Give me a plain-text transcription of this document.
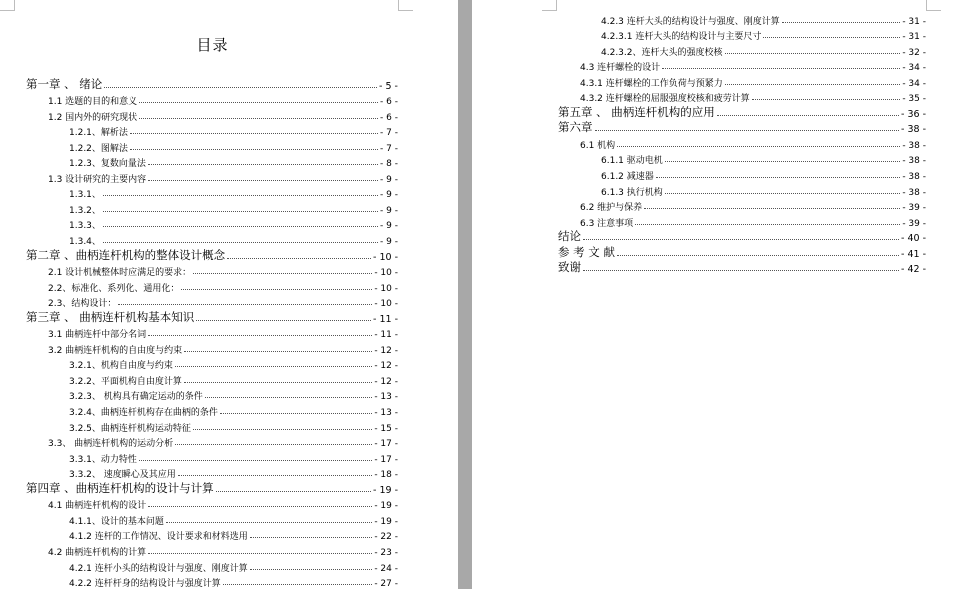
目录
第一章 、 绪论	- 5 -
1.1 选题的目的和意义	- 6 -
1.2 国内外的研究现状	- 6 -
1.2.1、解析法	- 7 -
1.2.2、图解法	- 7 -
1.2.3、复数向量法	- 8 -
1.3 设计研究的主要内容	- 9 -
1.3.1、	- 9 -
1.3.2、	- 9 -
1.3.3、	- 9 -
1.3.4、	- 9 -
第二章 、曲柄连杆机构的整体设计概念	- 10 -
2.1 设计机械整体时应满足的要求：	- 10 -
2.2、标准化、系列化、通用化：	- 10 -
2.3、结构设计：	- 10 -
第三章 、 曲柄连杆机构基本知识	- 11 -
3.1 曲柄连杆中部分名词	- 11 -
3.2 曲柄连杆机构的自由度与约束	- 12 -
3.2.1、机构自由度与约束	- 12 -
3.2.2、平面机构自由度计算	- 12 -
3.2.3、 机构具有确定运动的条件	- 13 -
3.2.4、曲柄连杆机构存在曲柄的条件	- 13 -
3.2.5、曲柄连杆机构运动特征	- 15 -
3.3、 曲柄连杆机构的运动分析	- 17 -
3.3.1、动力特性	- 17 -
3.3.2、 速度瞬心及其应用	- 18 -
第四章 、曲柄连杆机构的设计与计算	- 19 -
4.1 曲柄连杆机构的设计	- 19 -
4.1.1、设计的基本问题	- 19 -
4.1.2 连杆的工作情况、设计要求和材料选用	- 22 -
4.2 曲柄连杆机构的计算	- 23 -
4.2.1 连杆小头的结构设计与强度、刚度计算	- 24 -
4.2.2 连杆杆身的结构设计与强度计算	- 27 -
4.2.3 连杆大头的结构设计与强度、刚度计算	- 31 -
4.2.3.1 连杆大头的结构设计与主要尺寸	- 31 -
4.2.3.2、连杆大头的强度校核	- 32 -
4.3 连杆螺栓的设计	- 34 -
4.3.1 连杆螺栓的工作负荷与预紧力	- 34 -
4.3.2 连杆螺栓的屈服强度校核和疲劳计算	- 35 -
第五章 、 曲柄连杆机构的应用	- 36 -
第六章	- 38 -
6.1 机构	- 38 -
6.1.1 驱动电机	- 38 -
6.1.2 减速器	- 38 -
6.1.3 执行机构	- 38 -
6.2 维护与保养	- 39 -
6.3 注意事项	- 39 -
结论	- 40 -
参 考 文 献	- 41 -
致谢	- 42 -
